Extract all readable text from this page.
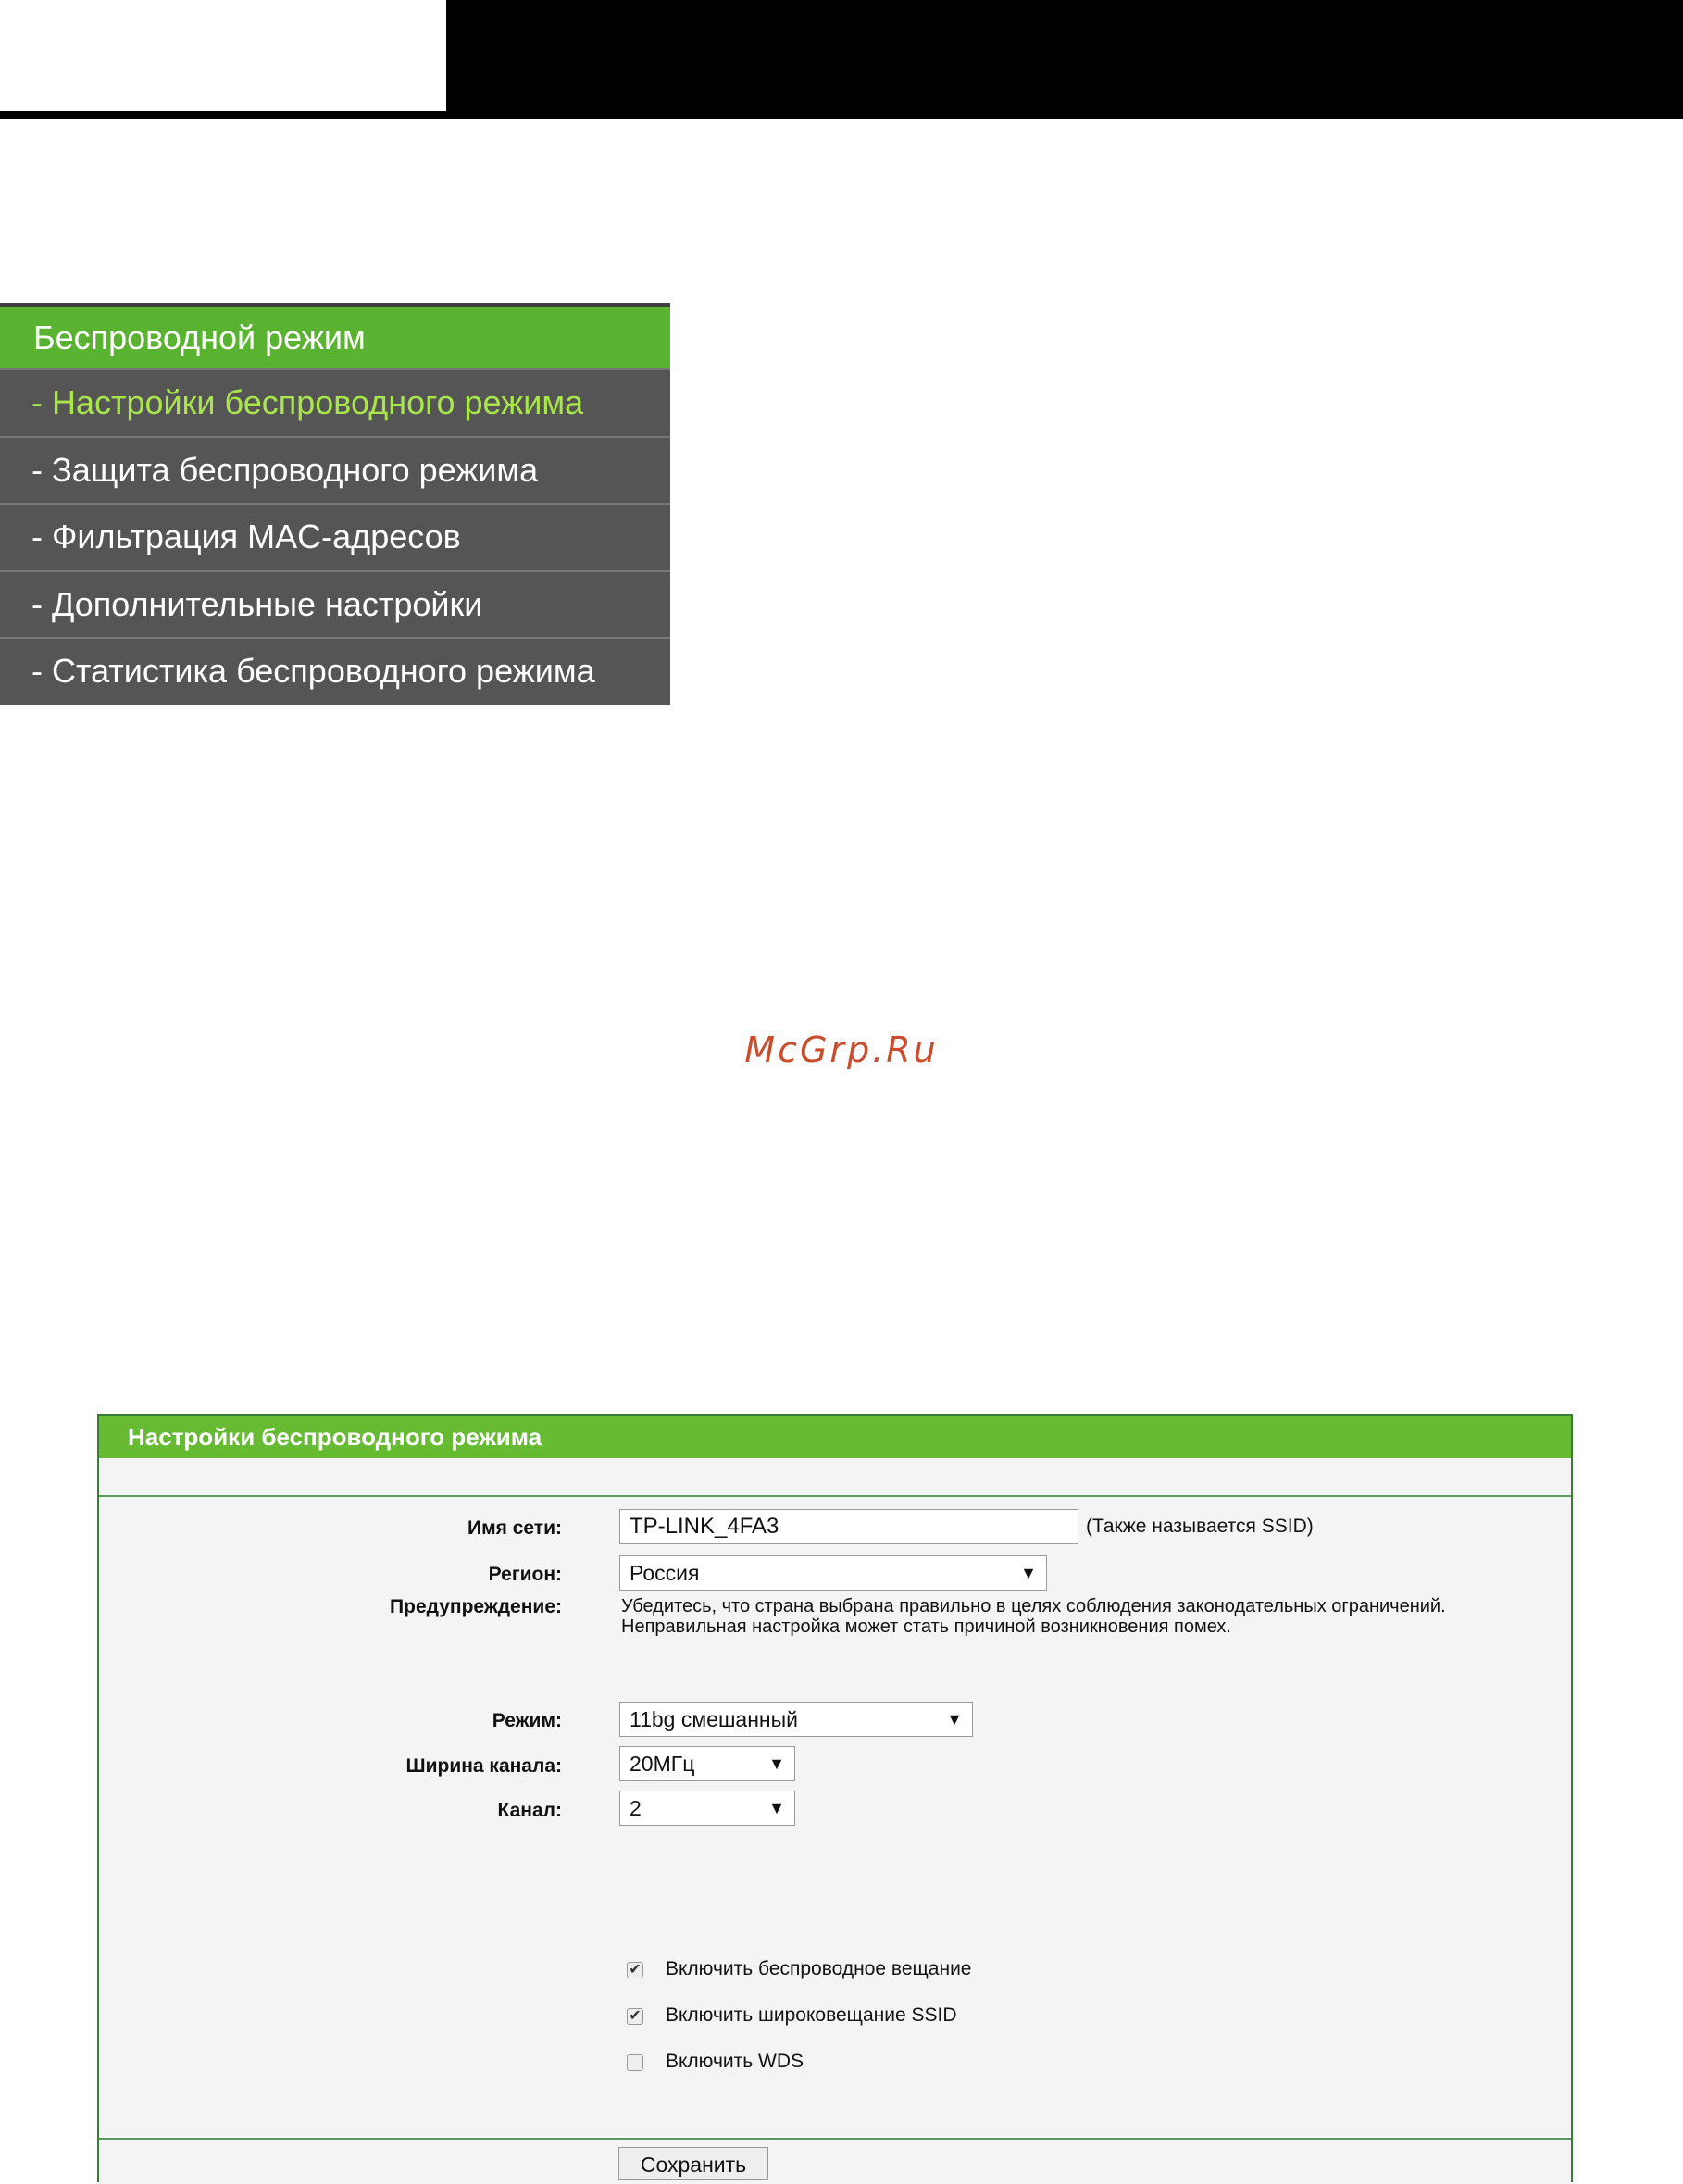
Беспроводной режим
- Настройки беспроводного режима
- Защита беспроводного режима
- Фильтрация MAC-адресов
- Дополнительные настройки
- Статистика беспроводного режима
McGrp.Ru
Настройки беспроводного режима
Имя сети:
TP-LINK_4FA3	(Также называется SSID)
Регион:	Россия	▼
Предупреждение:	Убедитесь, что страна выбрана правильно в целях соблюдения законодательных ограничений.
Неправильная настройка может стать причиной возникновения помех.
Режим:	11bg смешанный	▼
Ширина канала:	20МГц	▼
Канал:	2	▼
✔ Включить беспроводное вещание
✔ Включить широковещание SSID
Включить WDS
Сохранить
